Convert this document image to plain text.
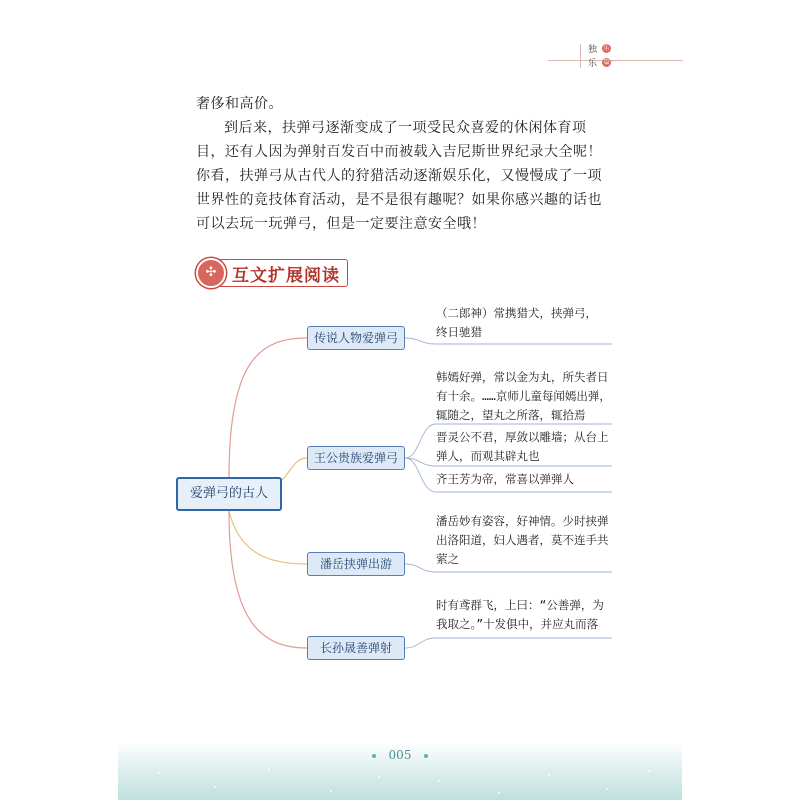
独 乐
乐 篇
∽

奢侈和高价。

到后来，扶弹弓逐渐变成了一项受民众喜爱的休闲体育项目，还有人因为弹射百发百中而被载入吉尼斯世界纪录大全呢！你看，扶弹弓从古代人的狩猎活动逐渐娱乐化，又慢慢成了一项世界性的竞技体育活动，是不是很有趣呢？如果你感兴趣的话也可以去玩一玩弹弓，但是一定要注意安全哦！

✣ 互文扩展阅读
爱弹弓的古人
传说人物爱弹弓
王公贵族爱弹弓
潘岳挟弹出游
长孙晟善弹射
（二郎神）常携猎犬，挟弹弓，终日驰猎
韩嫣好弹，常以金为丸，所失者日有十余。……京师儿童每闻嫣出弹，辄随之，望丸之所落，辄拾焉
晋灵公不君，厚敛以雕墙；从台上弹人，而观其辟丸也
齐王芳为帝，常喜以弹弹人
潘岳妙有姿容，好神情。少时挟弹出洛阳道，妇人遇者，莫不连手共萦之
时有鸢群飞，上曰：“公善弹，为我取之。”十发俱中，并应丸而落
005
